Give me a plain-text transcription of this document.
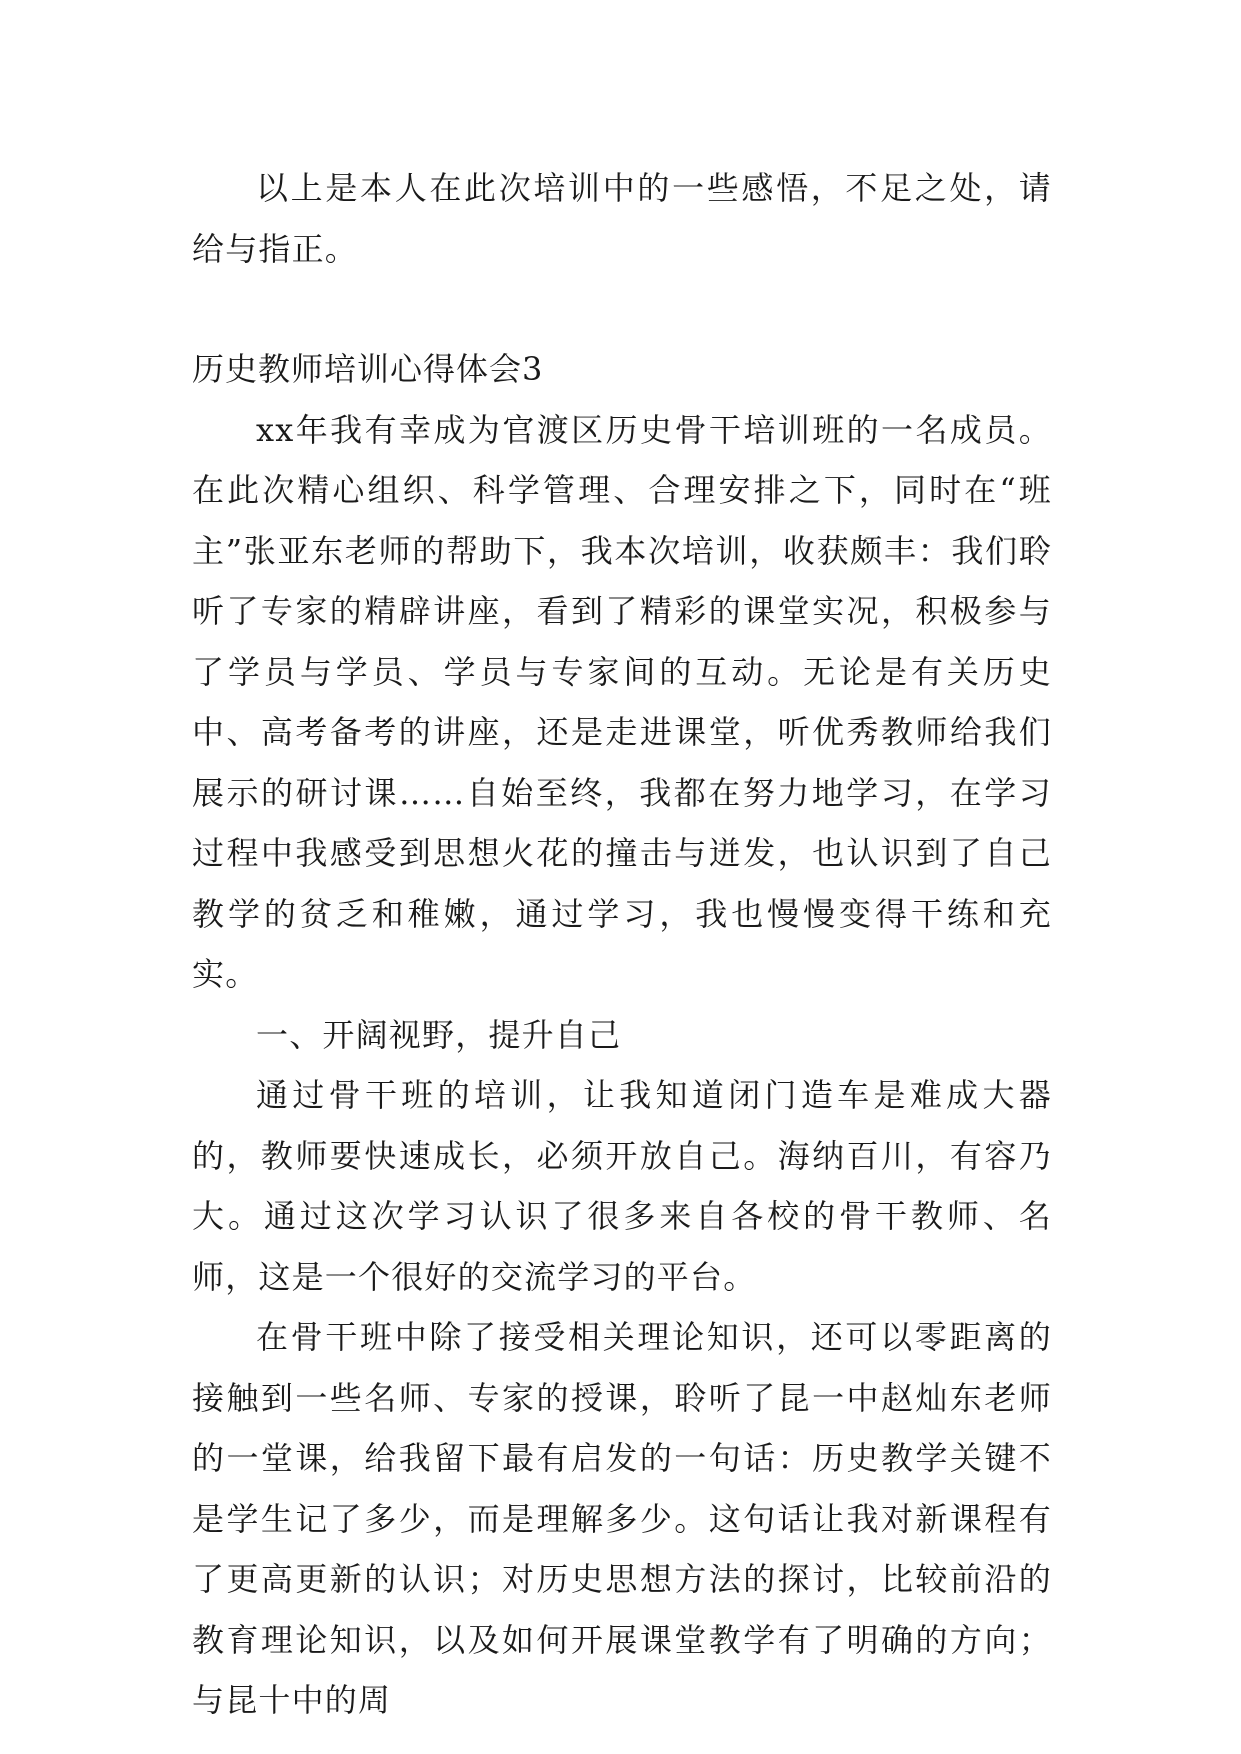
以上是本人在此次培训中的一些感悟，不足之处，请给与指正。

历史教师培训心得体会3

xx年我有幸成为官渡区历史骨干培训班的一名成员。在此次精心组织、科学管理、合理安排之下，同时在“班主”张亚东老师的帮助下，我本次培训，收获颇丰：我们聆听了专家的精辟讲座，看到了精彩的课堂实况，积极参与了学员与学员、学员与专家间的互动。无论是有关历史中、高考备考的讲座，还是走进课堂，听优秀教师给我们展示的研讨课……自始至终，我都在努力地学习，在学习过程中我感受到思想火花的撞击与迸发，也认识到了自己教学的贫乏和稚嫩，通过学习，我也慢慢变得干练和充实。

一、开阔视野，提升自己

通过骨干班的培训，让我知道闭门造车是难成大器的，教师要快速成长，必须开放自己。海纳百川，有容乃大。通过这次学习认识了很多来自各校的骨干教师、名师，这是一个很好的交流学习的平台。

在骨干班中除了接受相关理论知识，还可以零距离的接触到一些名师、专家的授课，聆听了昆一中赵灿东老师的一堂课，给我留下最有启发的一句话：历史教学关键不是学生记了多少，而是理解多少。这句话让我对新课程有了更高更新的认识；对历史思想方法的探讨，比较前沿的教育理论知识，以及如何开展课堂教学有了明确的方向；与昆十中的周
